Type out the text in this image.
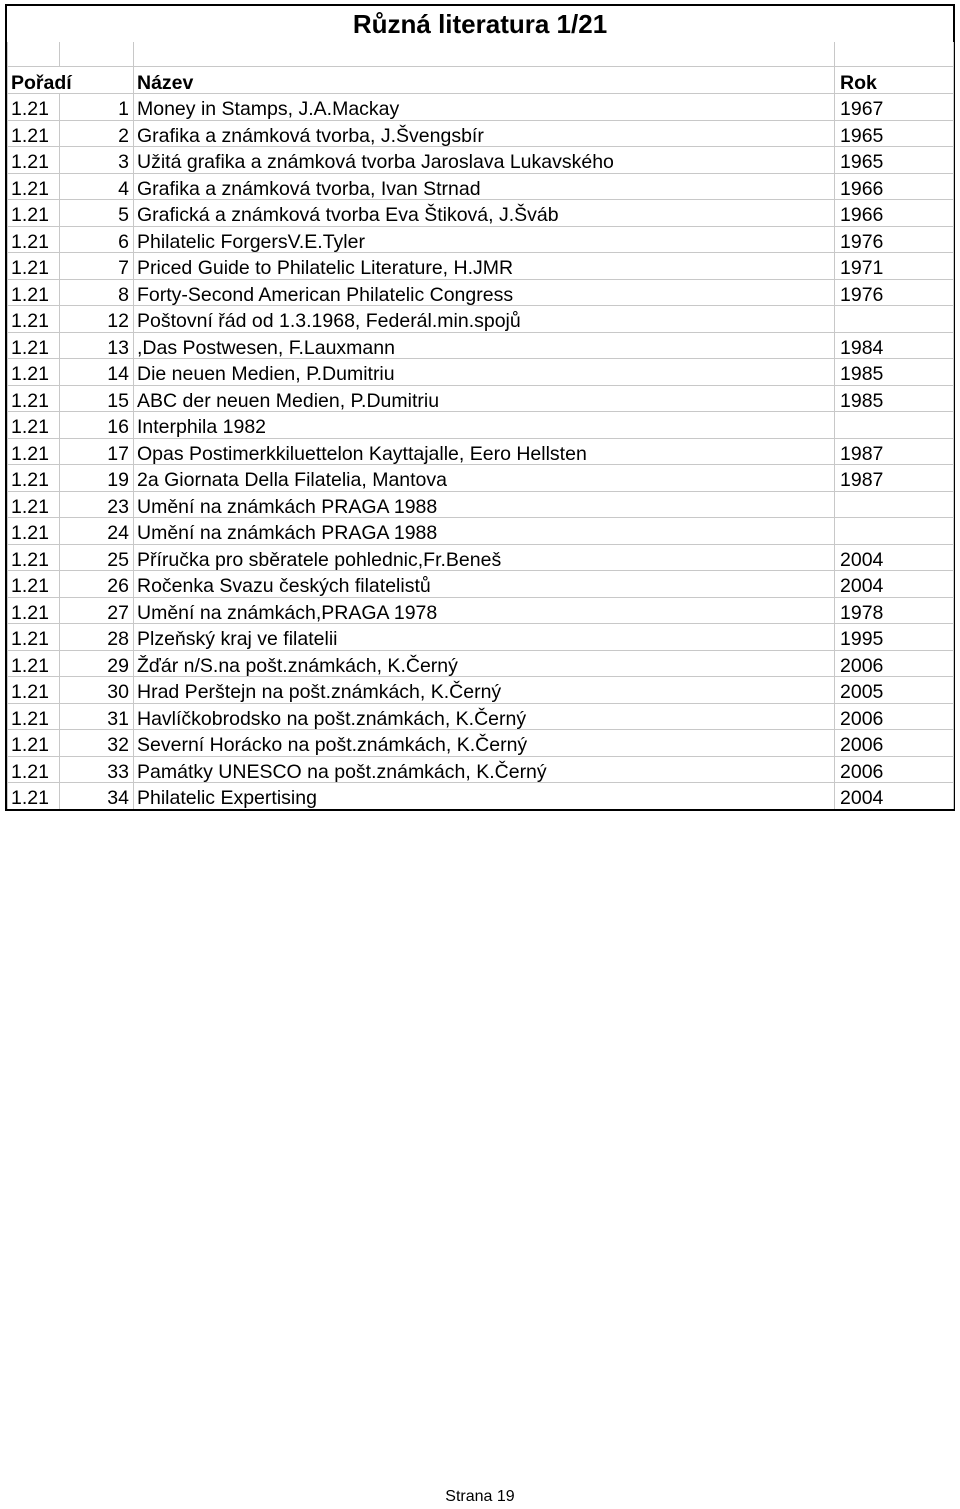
Různá literatura 1/21

Pořadí		Název	Rok
1.21	1	Money in Stamps, J.A.Mackay	1967
1.21	2	Grafika a známková tvorba, J.Švengsbír	1965
1.21	3	Užitá grafika a známková tvorba Jaroslava Lukavského	1965
1.21	4	Grafika a známková tvorba, Ivan Strnad	1966
1.21	5	Grafická a známková tvorba Eva Štiková, J.Šváb	1966
1.21	6	Philatelic ForgersV.E.Tyler	1976
1.21	7	Priced Guide to Philatelic Literature, H.JMR	1971
1.21	8	Forty-Second American Philatelic Congress	1976
1.21	12	Poštovní řád od 1.3.1968, Federál.min.spojů	
1.21	13	,Das Postwesen, F.Lauxmann	1984
1.21	14	Die neuen Medien, P.Dumitriu	1985
1.21	15	ABC der neuen Medien, P.Dumitriu	1985
1.21	16	Interphila 1982	
1.21	17	Opas Postimerkkiluettelon Kayttajalle, Eero Hellsten	1987
1.21	19	2a Giornata Della Filatelia, Mantova	1987
1.21	23	Umění na známkách PRAGA 1988	
1.21	24	Umění na známkách PRAGA 1988	
1.21	25	Příručka pro sběratele pohlednic,Fr.Beneš	2004
1.21	26	Ročenka Svazu českých filatelistů	2004
1.21	27	Umění na známkách,PRAGA 1978	1978
1.21	28	Plzeňský kraj ve filatelii	1995
1.21	29	Žďár n/S.na pošt.známkách, K.Černý	2006
1.21	30	Hrad Perštejn na pošt.známkách, K.Černý	2005
1.21	31	Havlíčkobrodsko na pošt.známkách, K.Černý	2006
1.21	32	Severní Horácko na pošt.známkách, K.Černý	2006
1.21	33	Památky UNESCO na pošt.známkách, K.Černý	2006
1.21	34	Philatelic Expertising	2004
Strana 19
